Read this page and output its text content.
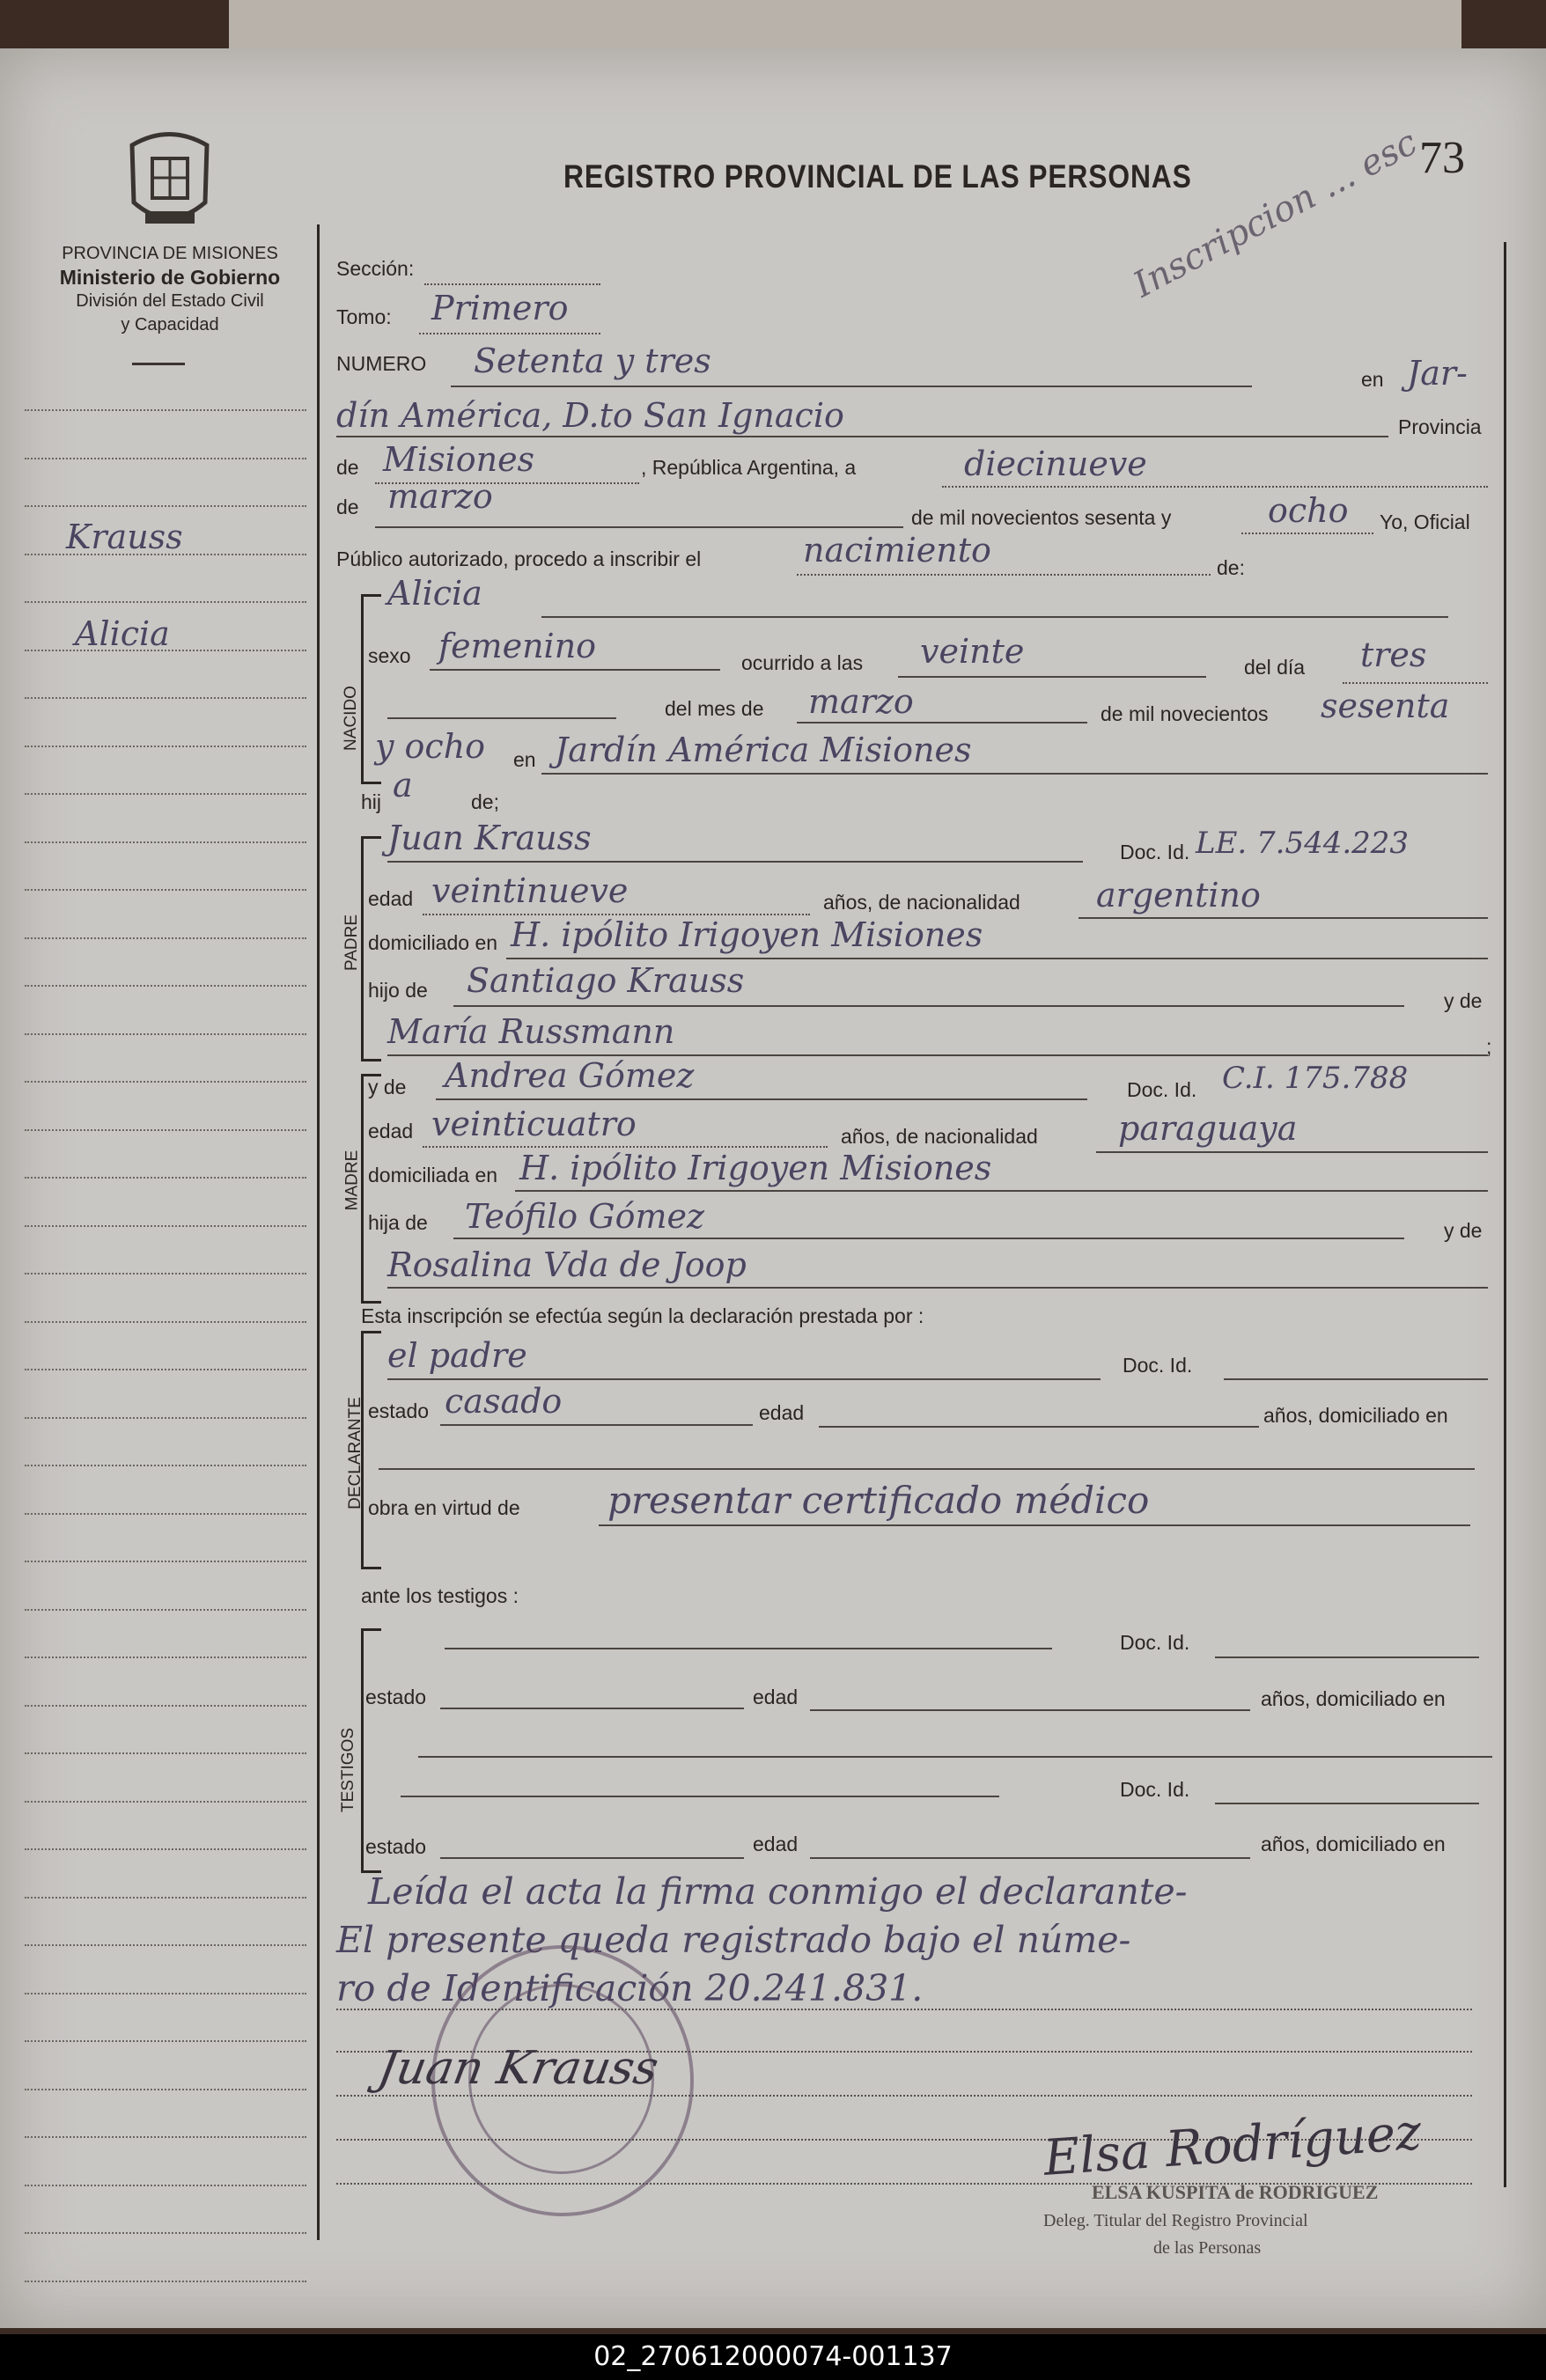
PROVINCIA DE MISIONES
Ministerio de Gobierno
División del Estado Civil
y Capacidad
Krauss
Alicia
REGISTRO PROVINCIAL DE LAS PERSONAS	73
Inscripcion ... esc
Sección:
Tomo: Primero
NUMERO Setenta y tres	en Jar-
dín América, D.to San Ignacio	Provincia
de Misiones	, República Argentina, a	diecinueve
de marzo
de mil novecientos sesenta y	ocho Yo, Oficial
Público autorizado, procedo a inscribir el	nacimiento	de:
NACIDO
Alicia
sexo femenino	ocurrido a las veinte	del día tres
del mes de marzo	de mil novecientos sesenta
y ocho en Jardín América Misiones
hij a	de;
PADRE
Juan Krauss	Doc. Id. LE. 7.544.223
edad veintinueve	años, de nacionalidad argentino
domiciliado en H. ipólito Irigoyen Misiones
hijo de Santiago Krauss
y de
María Russmann	;
MADRE
y de Andrea Gómez	Doc. Id. C.I. 175.788
edad veinticuatro	años, de nacionalidad paraguaya
domiciliada en H. ipólito Irigoyen Misiones
hija de Teófilo Gómez	y de
Rosalina Vda de Joop
Esta inscripción se efectúa según la declaración prestada por :
DECLARANTE
el padre	Doc. Id.
estado casado	edad	años, domiciliado en
obra en virtud de presentar certificado médico
ante los testigos :
TESTIGOS
Doc. Id.
estado	edad	años, domiciliado en
Doc. Id.
estado	edad	años, domiciliado en
Leída el acta la firma conmigo el declarante-
El presente queda registrado bajo el núme-
ro de Identificación 20.241.831.
Juan Krauss
Elsa Rodríguez
ELSA KUSPITA de RODRIGUEZ
Deleg. Titular del Registro Provincial
de las Personas
02_270612000074-001137
